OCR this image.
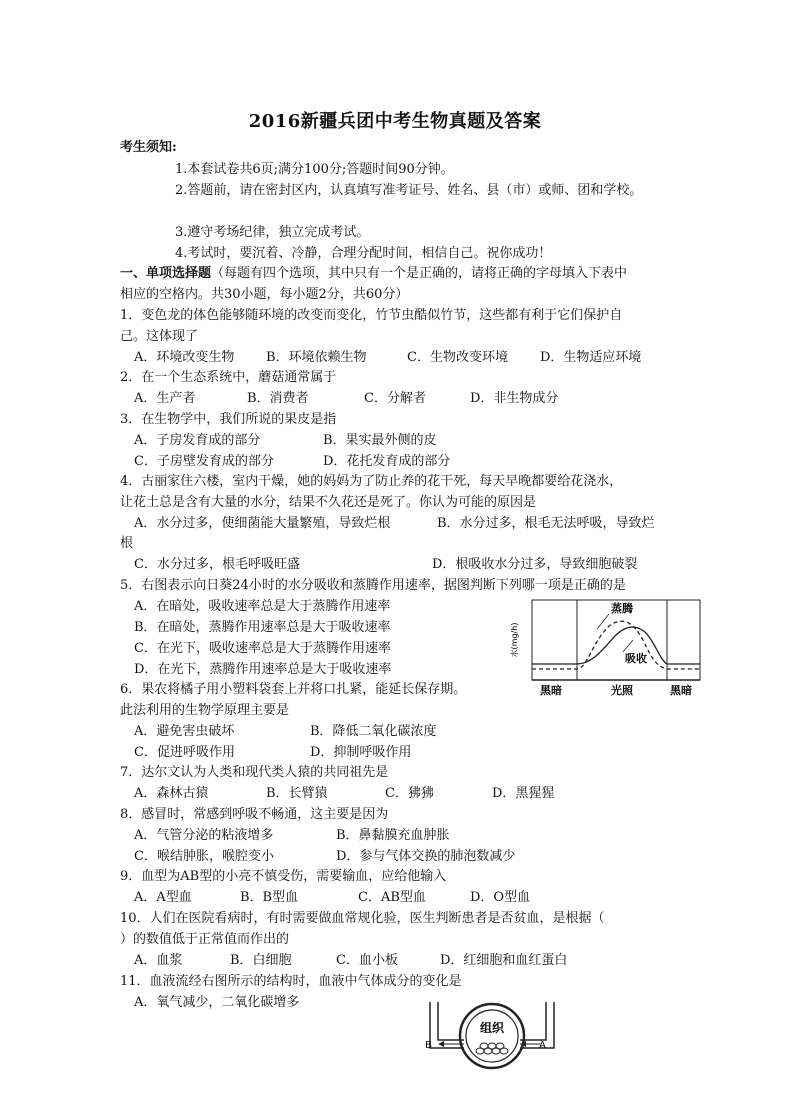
2016新疆兵团中考生物真题及答案
考生须知:
1.本套试卷共6页;满分100分;答题时间90分钟。
2.答题前，请在密封区内，认真填写准考证号、姓名、县（市）或师、团和学校。
3.遵守考场纪律，独立完成考试。
4.考试时，要沉着、冷静，合理分配时间，相信自己。祝你成功！
一、单项选择题（每题有四个选项，其中只有一个是正确的，请将正确的字母填入下表中
相应的空格内。共30小题，每小题2分，共60分）
1．变色龙的体色能够随环境的改变而变化，竹节虫酷似竹节，这些都有利于它们保护自
己。这体现了
A．环境改变生物 B．环境依赖生物	C．生物改变环境 D．生物适应环境
2．在一个生态系统中，蘑菇通常属于
A．生产者	B．消费者	C．分解者	D．非生物成分
3．在生物学中，我们所说的果皮是指
A．子房发育成的部分	B．果实最外侧的皮
C．子房壁发育成的部分	D．花托发育成的部分
4．古丽家住六楼，室内干燥，她的妈妈为了防止养的花干死，每天早晚都要给花浇水，
让花土总是含有大量的水分，结果不久花还是死了。你认为可能的原因是
A．水分过多，使细菌能大量繁殖，导致烂根	B．水分过多，根毛无法呼吸，导致烂
根
C．水分过多，根毛呼吸旺盛	D．根吸收水分过多，导致细胞破裂
5．右图表示向日葵24小时的水分吸收和蒸腾作用速率，据图判断下列哪一项是正确的是
A．在暗处，吸收速率总是大于蒸腾作用速率
B．在暗处，蒸腾作用速率总是大于吸收速率
C．在光下，吸收速率总是大于蒸腾作用速率
D．在光下，蒸腾作用速率总是大于吸收速率
水(mg/h)
蒸腾
吸收
黑暗	光照	黑暗
6．果农将橘子用小塑料袋套上并将口扎紧，能延长保存期。
此法利用的生物学原理主要是
A．避免害虫破坏	B．降低二氧化碳浓度
C．促进呼吸作用	D．抑制呼吸作用
7．达尔文认为人类和现代类人猿的共同祖先是
A．森林古猿	B．长臂猿	C．狒狒	D．黑猩猩
8．感冒时，常感到呼吸不畅通，这主要是因为
A．气管分泌的粘液增多	B．鼻黏膜充血肿胀
C．喉结肿胀，喉腔变小	D．参与气体交换的肺泡数减少
9．血型为AB型的小亮不慎受伤，需要输血，应给他输入
A．A型血	B．B型血	C．AB型血	D．O型血
10．人们在医院看病时，有时需要做血常规化验，医生判断患者是否贫血，是根据（
）的数值低于正常值而作出的
A．血浆	B．白细胞	C．血小板	D．红细胞和血红蛋白
11．血液流经右图所示的结构时，血液中气体成分的变化是
A．氧气减少，二氧化碳增多
组织
B	A
